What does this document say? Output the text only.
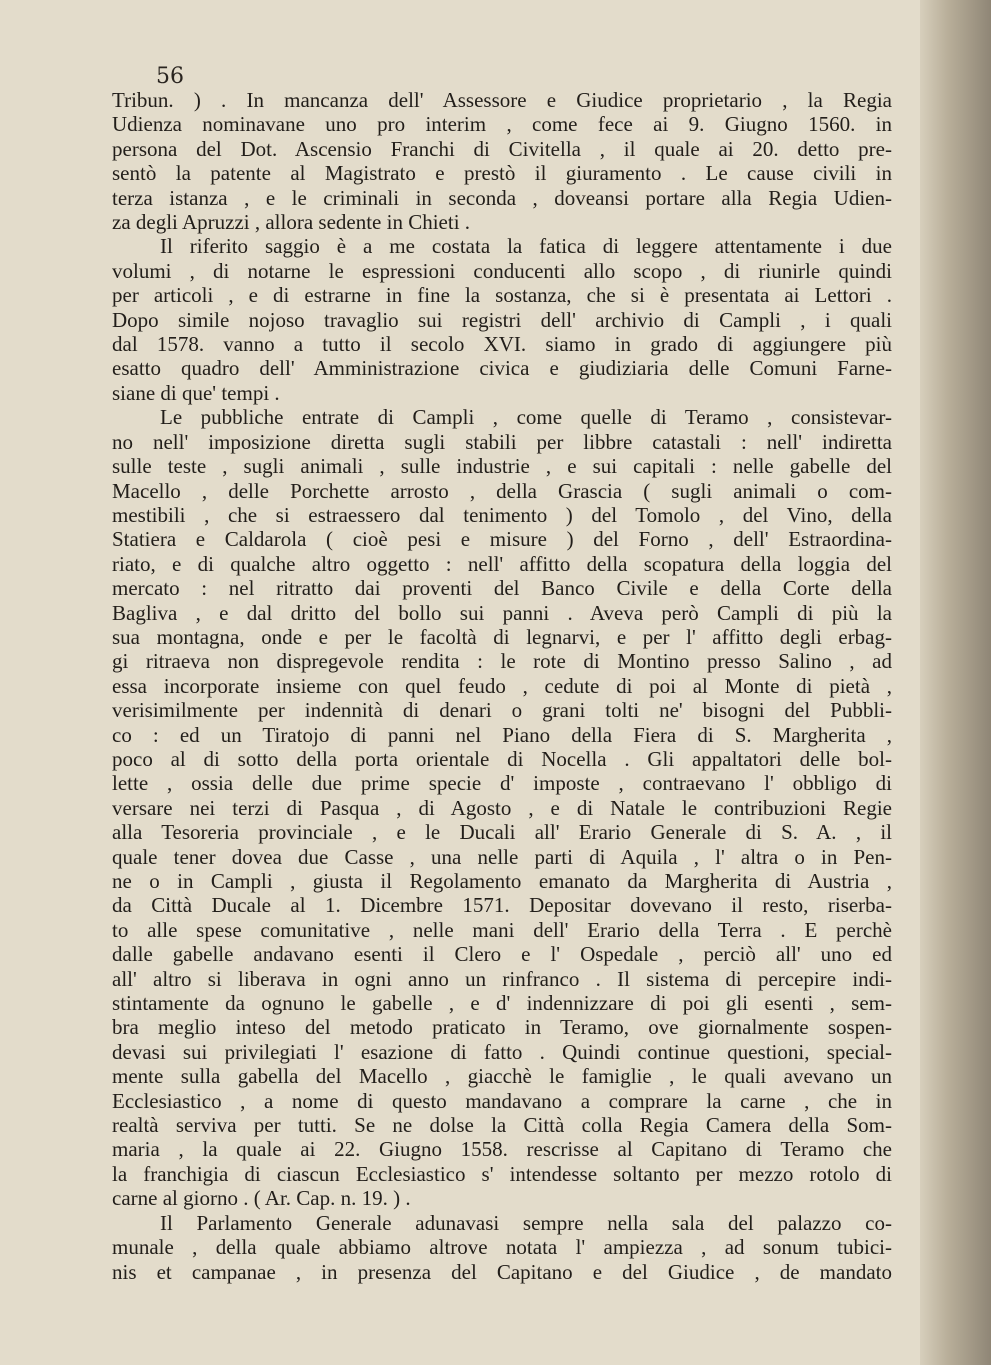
56
Tribun. ) . In mancanza dell' Assessore e Giudice proprietario , la Regia
Udienza nominavane uno pro interim , come fece ai 9. Giugno 1560. in
persona del Dot. Ascensio Franchi di Civitella , il quale ai 20. detto pre-
sentò la patente al Magistrato e prestò il giuramento . Le cause civili in
terza istanza , e le criminali in seconda , doveansi portare alla Regia Udien-
za degli Apruzzi , allora sedente in Chieti .
Il riferito saggio è a me costata la fatica di leggere attentamente i due
volumi , di notarne le espressioni conducenti allo scopo , di riunirle quindi
per articoli , e di estrarne in fine la sostanza, che si è presentata ai Lettori .
Dopo simile nojoso travaglio sui registri dell' archivio di Campli , i quali
dal 1578. vanno a tutto il secolo XVI. siamo in grado di aggiungere più
esatto quadro dell' Amministrazione civica e giudiziaria delle Comuni Farne-
siane di que' tempi .
Le pubbliche entrate di Campli , come quelle di Teramo , consistevar-
no nell' imposizione diretta sugli stabili per libbre catastali : nell' indiretta
sulle teste , sugli animali , sulle industrie , e sui capitali : nelle gabelle del
Macello , delle Porchette arrosto , della Grascia ( sugli animali o com-
mestibili , che si estraessero dal tenimento ) del Tomolo , del Vino, della
Statiera e Caldarola ( cioè pesi e misure ) del Forno , dell' Estraordina-
riato, e di qualche altro oggetto : nell' affitto della scopatura della loggia del
mercato : nel ritratto dai proventi del Banco Civile e della Corte della
Bagliva , e dal dritto del bollo sui panni . Aveva però Campli di più la
sua montagna, onde e per le facoltà di legnarvi, e per l' affitto degli erbag-
gi ritraeva non dispregevole rendita : le rote di Montino presso Salino , ad
essa incorporate insieme con quel feudo , cedute di poi al Monte di pietà ,
verisimilmente per indennità di denari o grani tolti ne' bisogni del Pubbli-
co : ed un Tiratojo di panni nel Piano della Fiera di S. Margherita ,
poco al di sotto della porta orientale di Nocella . Gli appaltatori delle bol-
lette , ossia delle due prime specie d' imposte , contraevano l' obbligo di
versare nei terzi di Pasqua , di Agosto , e di Natale le contribuzioni Regie
alla Tesoreria provinciale , e le Ducali all' Erario Generale di S. A. , il
quale tener dovea due Casse , una nelle parti di Aquila , l' altra o in Pen-
ne o in Campli , giusta il Regolamento emanato da Margherita di Austria ,
da Città Ducale al 1. Dicembre 1571. Depositar dovevano il resto, riserba-
to alle spese comunitative , nelle mani dell' Erario della Terra . E perchè
dalle gabelle andavano esenti il Clero e l' Ospedale , perciò all' uno ed
all' altro si liberava in ogni anno un rinfranco . Il sistema di percepire indi-
stintamente da ognuno le gabelle , e d' indennizzare di poi gli esenti , sem-
bra meglio inteso del metodo praticato in Teramo, ove giornalmente sospen-
devasi sui privilegiati l' esazione di fatto . Quindi continue questioni, special-
mente sulla gabella del Macello , giacchè le famiglie , le quali avevano un
Ecclesiastico , a nome di questo mandavano a comprare la carne , che in
realtà serviva per tutti. Se ne dolse la Città colla Regia Camera della Som-
maria , la quale ai 22. Giugno 1558. rescrisse al Capitano di Teramo che
la franchigia di ciascun Ecclesiastico s' intendesse soltanto per mezzo rotolo di
carne al giorno . ( Ar. Cap. n. 19. ) .
Il Parlamento Generale adunavasi sempre nella sala del palazzo co-
munale , della quale abbiamo altrove notata l' ampiezza , ad sonum tubici-
nis et campanae , in presenza del Capitano e del Giudice , de mandato
